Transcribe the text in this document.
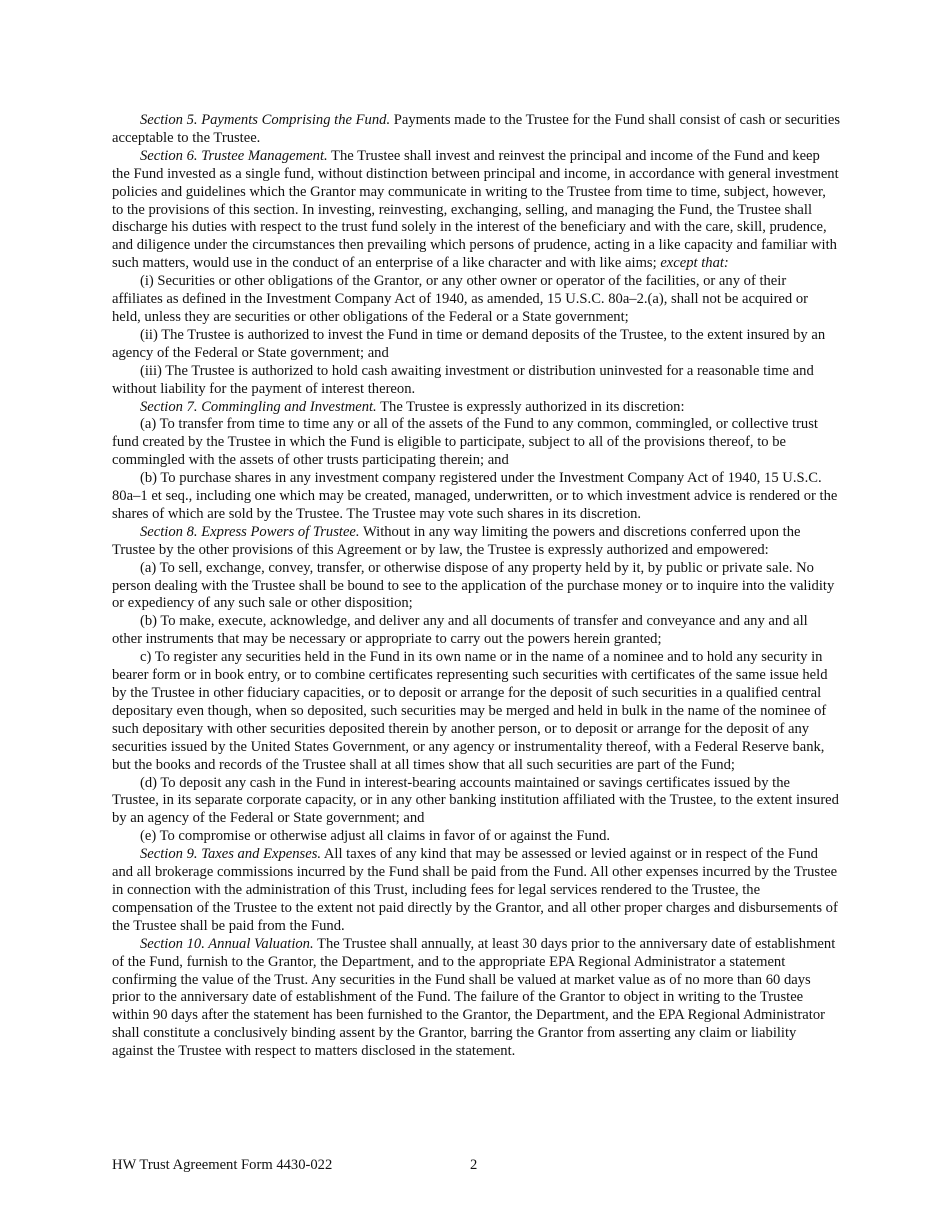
Section 5. Payments Comprising the Fund. Payments made to the Trustee for the Fund shall consist of cash or securities acceptable to the Trustee.

Section 6. Trustee Management. The Trustee shall invest and reinvest the principal and income of the Fund and keep the Fund invested as a single fund, without distinction between principal and income, in accordance with general investment policies and guidelines which the Grantor may communicate in writing to the Trustee from time to time, subject, however, to the provisions of this section. In investing, reinvesting, exchanging, selling, and managing the Fund, the Trustee shall discharge his duties with respect to the trust fund solely in the interest of the beneficiary and with the care, skill, prudence, and diligence under the circumstances then prevailing which persons of prudence, acting in a like capacity and familiar with such matters, would use in the conduct of an enterprise of a like character and with like aims; except that:

(i) Securities or other obligations of the Grantor, or any other owner or operator of the facilities, or any of their affiliates as defined in the Investment Company Act of 1940, as amended, 15 U.S.C. 80a–2.(a), shall not be acquired or held, unless they are securities or other obligations of the Federal or a State government;

(ii) The Trustee is authorized to invest the Fund in time or demand deposits of the Trustee, to the extent insured by an agency of the Federal or State government; and

(iii) The Trustee is authorized to hold cash awaiting investment or distribution uninvested for a reasonable time and without liability for the payment of interest thereon.

Section 7. Commingling and Investment. The Trustee is expressly authorized in its discretion:

(a) To transfer from time to time any or all of the assets of the Fund to any common, commingled, or collective trust fund created by the Trustee in which the Fund is eligible to participate, subject to all of the provisions thereof, to be commingled with the assets of other trusts participating therein; and

(b) To purchase shares in any investment company registered under the Investment Company Act of 1940, 15 U.S.C. 80a–1 et seq., including one which may be created, managed, underwritten, or to which investment advice is rendered or the shares of which are sold by the Trustee. The Trustee may vote such shares in its discretion.

Section 8. Express Powers of Trustee. Without in any way limiting the powers and discretions conferred upon the Trustee by the other provisions of this Agreement or by law, the Trustee is expressly authorized and empowered:

(a) To sell, exchange, convey, transfer, or otherwise dispose of any property held by it, by public or private sale. No person dealing with the Trustee shall be bound to see to the application of the purchase money or to inquire into the validity or expediency of any such sale or other disposition;

(b) To make, execute, acknowledge, and deliver any and all documents of transfer and conveyance and any and all other instruments that may be necessary or appropriate to carry out the powers herein granted;

c) To register any securities held in the Fund in its own name or in the name of a nominee and to hold any security in bearer form or in book entry, or to combine certificates representing such securities with certificates of the same issue held by the Trustee in other fiduciary capacities, or to deposit or arrange for the deposit of such securities in a qualified central depositary even though, when so deposited, such securities may be merged and held in bulk in the name of the nominee of such depositary with other securities deposited therein by another person, or to deposit or arrange for the deposit of any securities issued by the United States Government, or any agency or instrumentality thereof, with a Federal Reserve bank, but the books and records of the Trustee shall at all times show that all such securities are part of the Fund;

(d) To deposit any cash in the Fund in interest-bearing accounts maintained or savings certificates issued by the Trustee, in its separate corporate capacity, or in any other banking institution affiliated with the Trustee, to the extent insured by an agency of the Federal or State government; and

(e) To compromise or otherwise adjust all claims in favor of or against the Fund.

Section 9. Taxes and Expenses. All taxes of any kind that may be assessed or levied against or in respect of the Fund and all brokerage commissions incurred by the Fund shall be paid from the Fund. All other expenses incurred by the Trustee in connection with the administration of this Trust, including fees for legal services rendered to the Trustee, the compensation of the Trustee to the extent not paid directly by the Grantor, and all other proper charges and disbursements of the Trustee shall be paid from the Fund.

Section 10. Annual Valuation. The Trustee shall annually, at least 30 days prior to the anniversary date of establishment of the Fund, furnish to the Grantor, the Department, and to the appropriate EPA Regional Administrator a statement confirming the value of the Trust. Any securities in the Fund shall be valued at market value as of no more than 60 days prior to the anniversary date of establishment of the Fund. The failure of the Grantor to object in writing to the Trustee within 90 days after the statement has been furnished to the Grantor, the Department, and the EPA Regional Administrator shall constitute a conclusively binding assent by the Grantor, barring the Grantor from asserting any claim or liability against the Trustee with respect to matters disclosed in the statement.

HW Trust Agreement Form 4430-022	2
